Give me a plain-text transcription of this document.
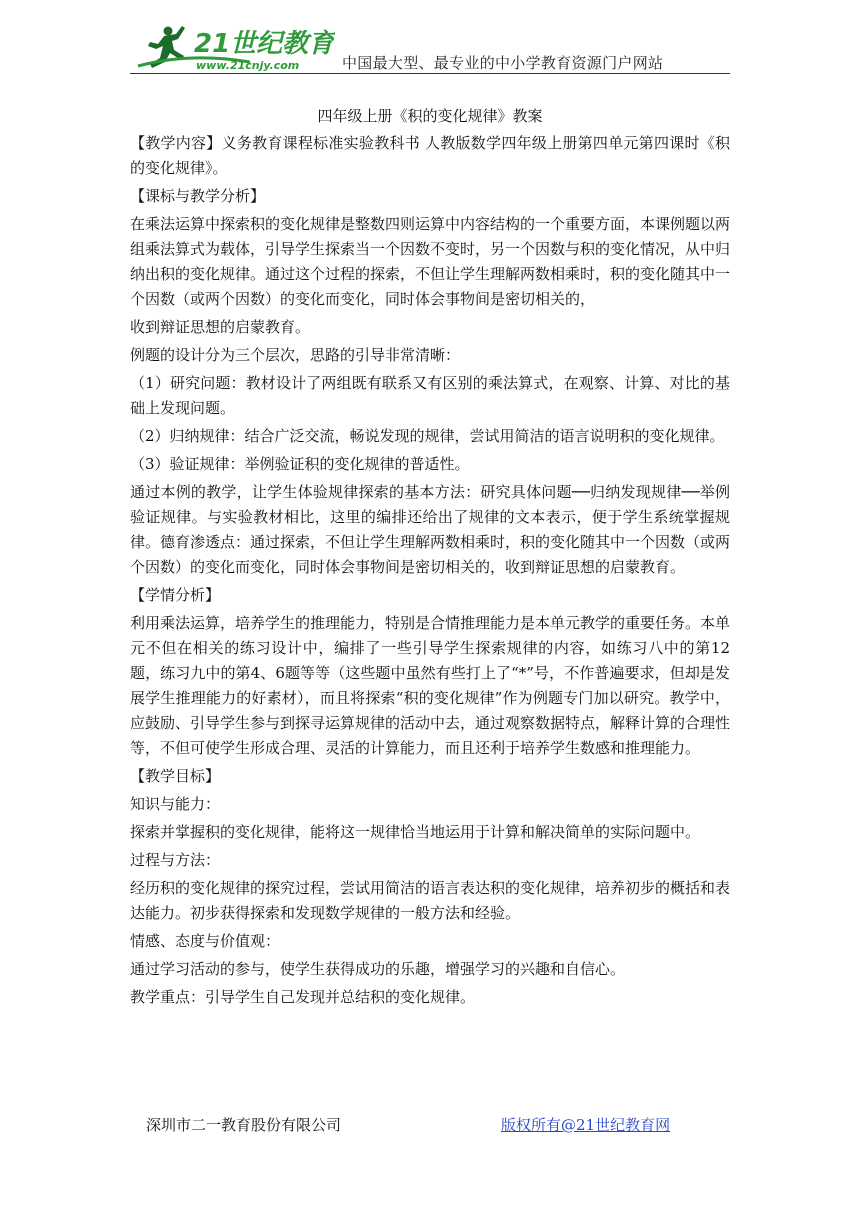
21世纪教育
www.21cnjy.com	中国最大型、最专业的中小学教育资源门户网站

四年级上册《积的变化规律》教案

【教学内容】义务教育课程标准实验教科书 人教版数学四年级上册第四单元第四课时《积的变化规律》。

【课标与教学分析】

在乘法运算中探索积的变化规律是整数四则运算中内容结构的一个重要方面，本课例题以两组乘法算式为载体，引导学生探索当一个因数不变时，另一个因数与积的变化情况，从中归纳出积的变化规律。通过这个过程的探索，不但让学生理解两数相乘时，积的变化随其中一个因数（或两个因数）的变化而变化，同时体会事物间是密切相关的，

收到辩证思想的启蒙教育。

例题的设计分为三个层次，思路的引导非常清晰：

（1）研究问题：教材设计了两组既有联系又有区别的乘法算式，在观察、计算、对比的基础上发现问题。

（2）归纳规律：结合广泛交流，畅说发现的规律，尝试用简洁的语言说明积的变化规律。

（3）验证规律：举例验证积的变化规律的普适性。

通过本例的教学，让学生体验规律探索的基本方法：研究具体问题──归纳发现规律──举例验证规律。与实验教材相比，这里的编排还给出了规律的文本表示，便于学生系统掌握规律。德育渗透点：通过探索，不但让学生理解两数相乘时，积的变化随其中一个因数（或两个因数）的变化而变化，同时体会事物间是密切相关的，收到辩证思想的启蒙教育。

【学情分析】

利用乘法运算，培养学生的推理能力，特别是合情推理能力是本单元教学的重要任务。本单元不但在相关的练习设计中，编排了一些引导学生探索规律的内容，如练习八中的第12题，练习九中的第4、6题等等（这些题中虽然有些打上了“*”号，不作普遍要求，但却是发展学生推理能力的好素材），而且将探索“积的变化规律”作为例题专门加以研究。教学中，应鼓励、引导学生参与到探寻运算规律的活动中去，通过观察数据特点，解释计算的合理性等，不但可使学生形成合理、灵活的计算能力，而且还利于培养学生数感和推理能力。

【教学目标】

知识与能力：

探索并掌握积的变化规律，能将这一规律恰当地运用于计算和解决简单的实际问题中。

过程与方法：

经历积的变化规律的探究过程，尝试用简洁的语言表达积的变化规律，培养初步的概括和表达能力。初步获得探索和发现数学规律的一般方法和经验。

情感、态度与价值观：

通过学习活动的参与，使学生获得成功的乐趣，增强学习的兴趣和自信心。

教学重点：引导学生自己发现并总结积的变化规律。

深圳市二一教育股份有限公司	版权所有@21世纪教育网
